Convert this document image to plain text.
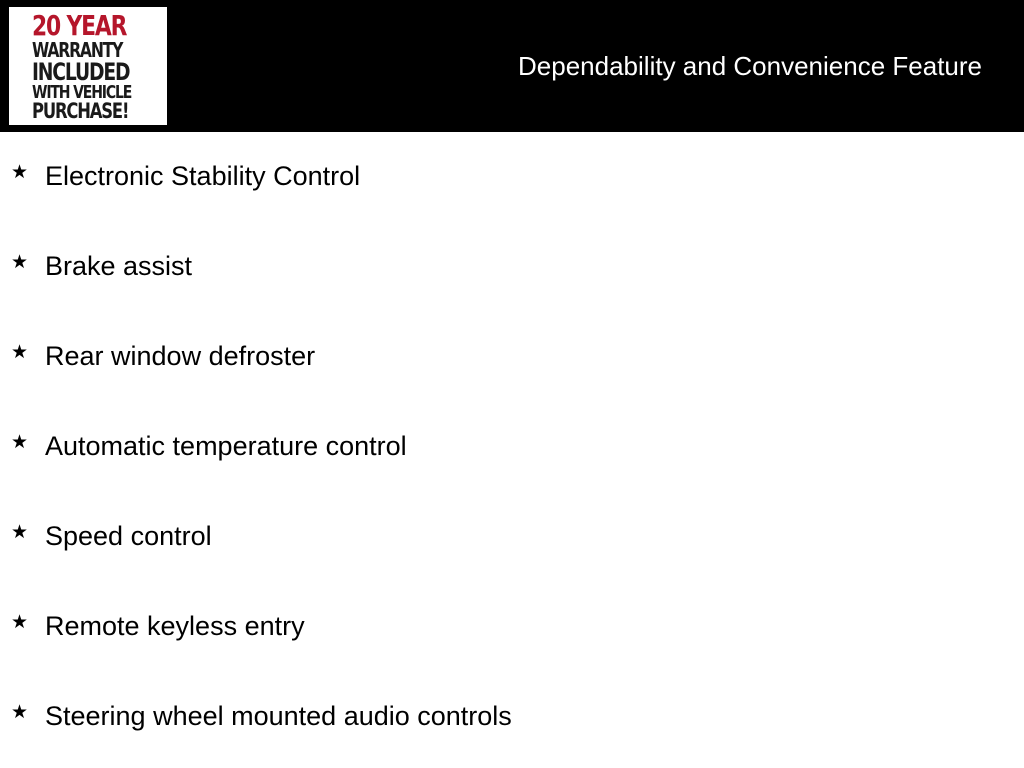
20 YEAR
WARRANTY
INCLUDED
WITH VEHICLE
PURCHASE!
Dependability and Convenience Feature
★ Electronic Stability Control
★ Brake assist
★ Rear window defroster
★ Automatic temperature control
★ Speed control
★ Remote keyless entry
★ Steering wheel mounted audio controls
